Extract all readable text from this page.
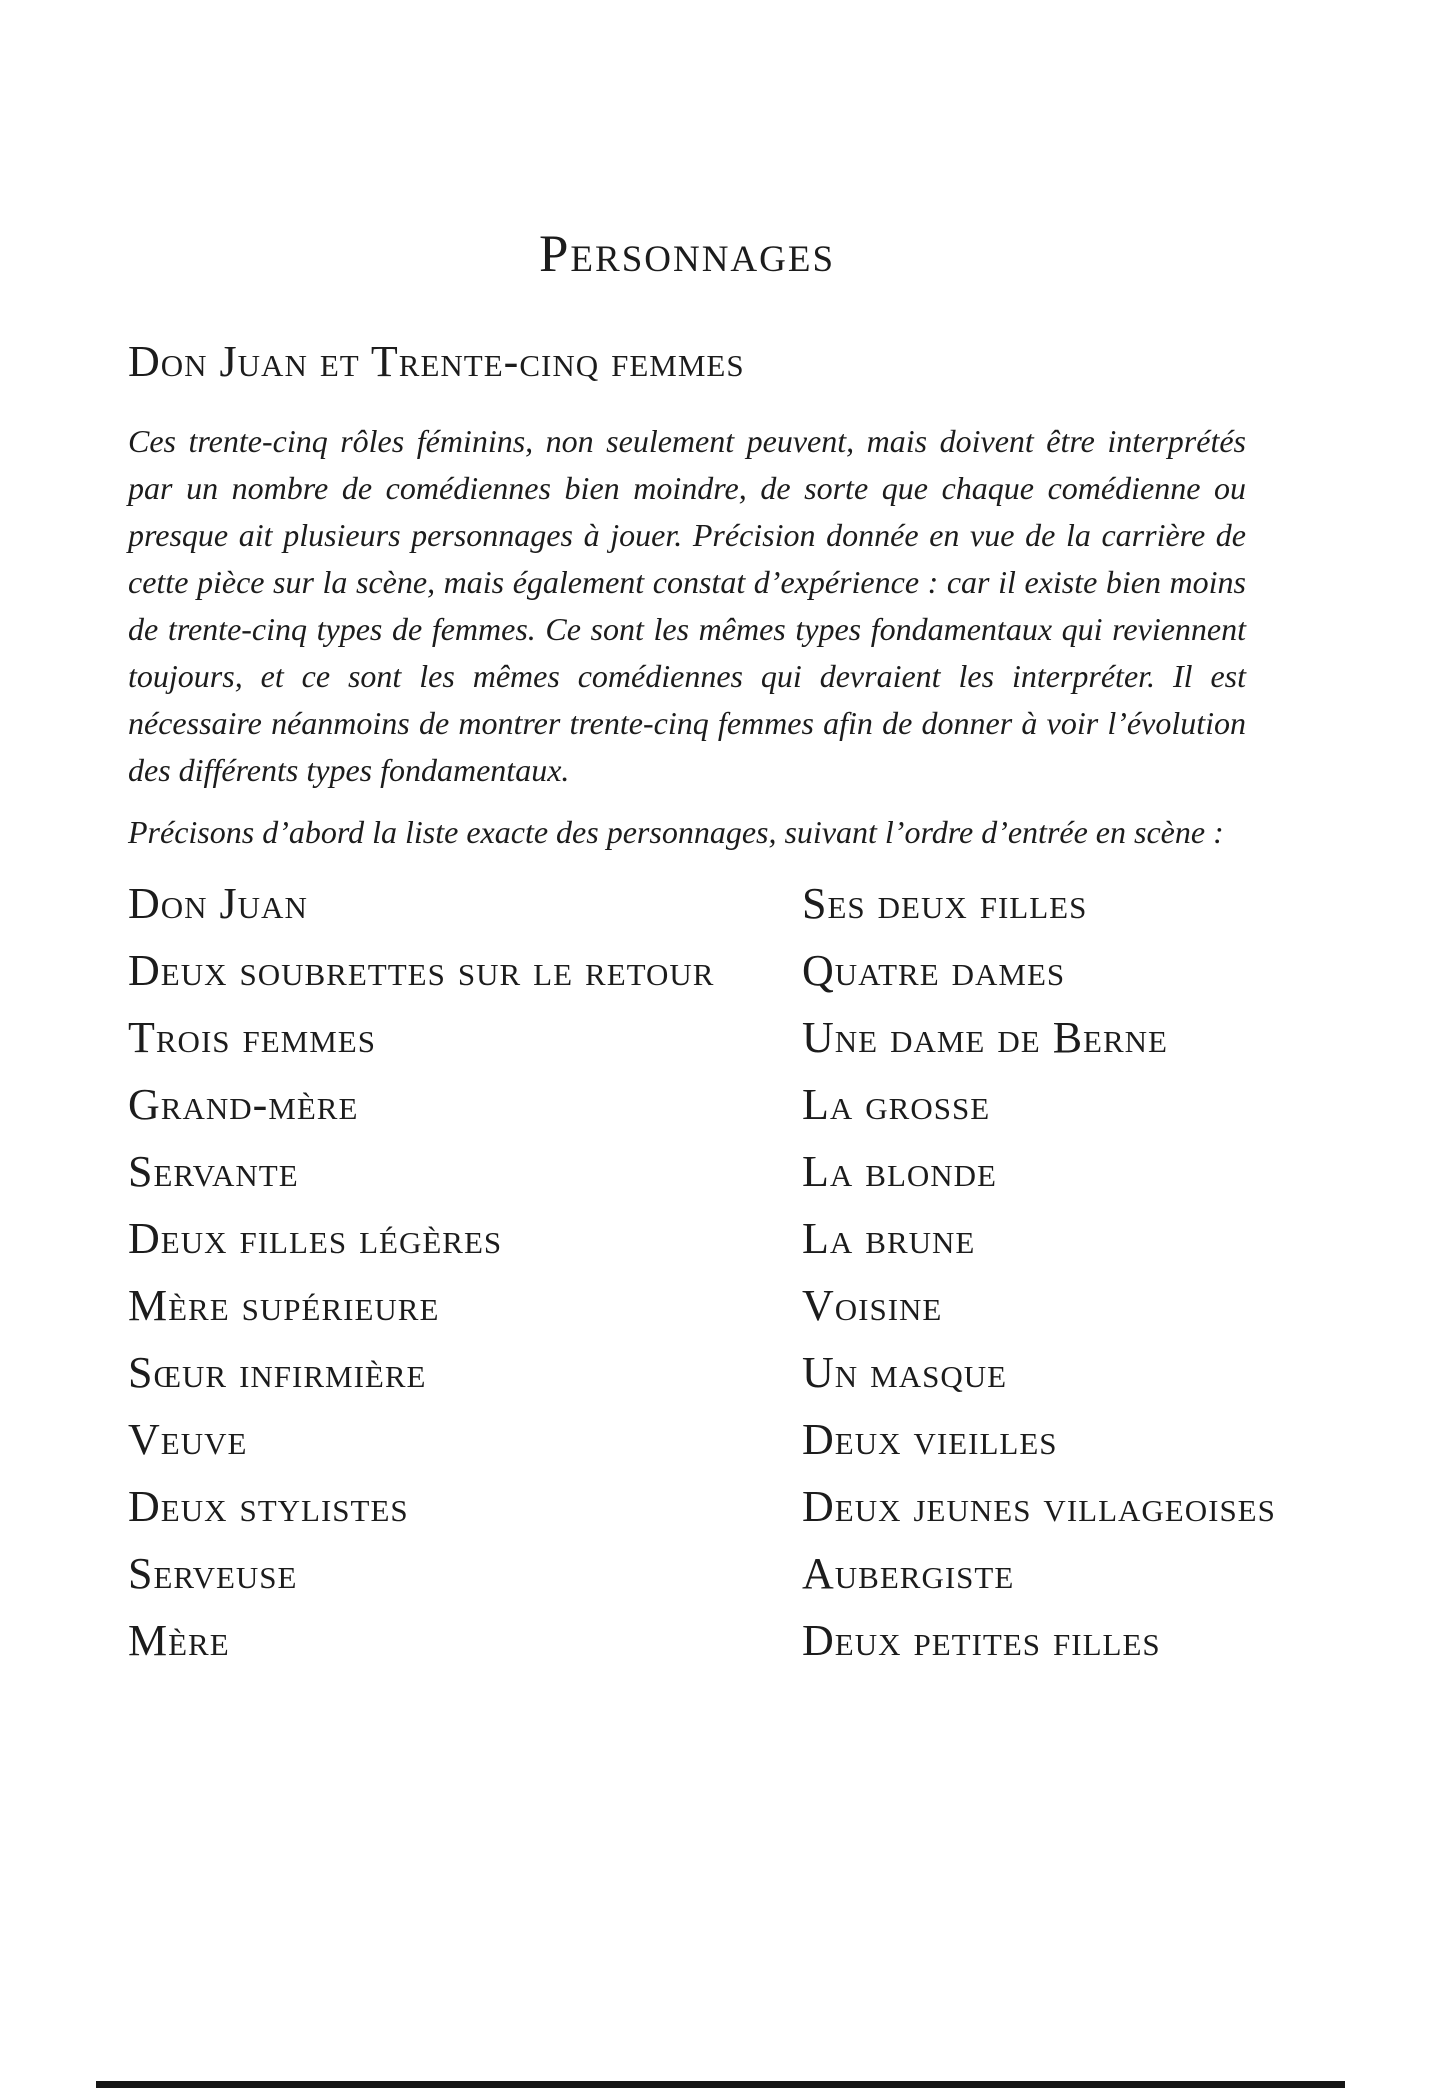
Personnages

Don Juan et Trente-cinq femmes

Ces trente-cinq rôles féminins, non seulement peuvent, mais doivent être interprétés par un nombre de comédiennes bien moindre, de sorte que chaque comédienne ou presque ait plusieurs personnages à jouer. Précision donnée en vue de la carrière de cette pièce sur la scène, mais également constat d’expérience : car il existe bien moins de trente-cinq types de femmes. Ce sont les mêmes types fondamentaux qui reviennent toujours, et ce sont les mêmes comédiennes qui devraient les interpréter. Il est nécessaire néanmoins de montrer trente-cinq femmes afin de donner à voir l’évolution des différents types fondamentaux.

Précisons d’abord la liste exacte des personnages, suivant l’ordre d’entrée en scène :

Don Juan
Deux soubrettes sur le retour
Trois femmes
Grand-mère
Servante
Deux filles légères
Mère supérieure
Sœur infirmière
Veuve
Deux stylistes
Serveuse
Mère
Ses deux filles
Quatre dames
Une dame de Berne
La grosse
La blonde
La brune
Voisine
Un masque
Deux vieilles
Deux jeunes villageoises
Aubergiste
Deux petites filles
